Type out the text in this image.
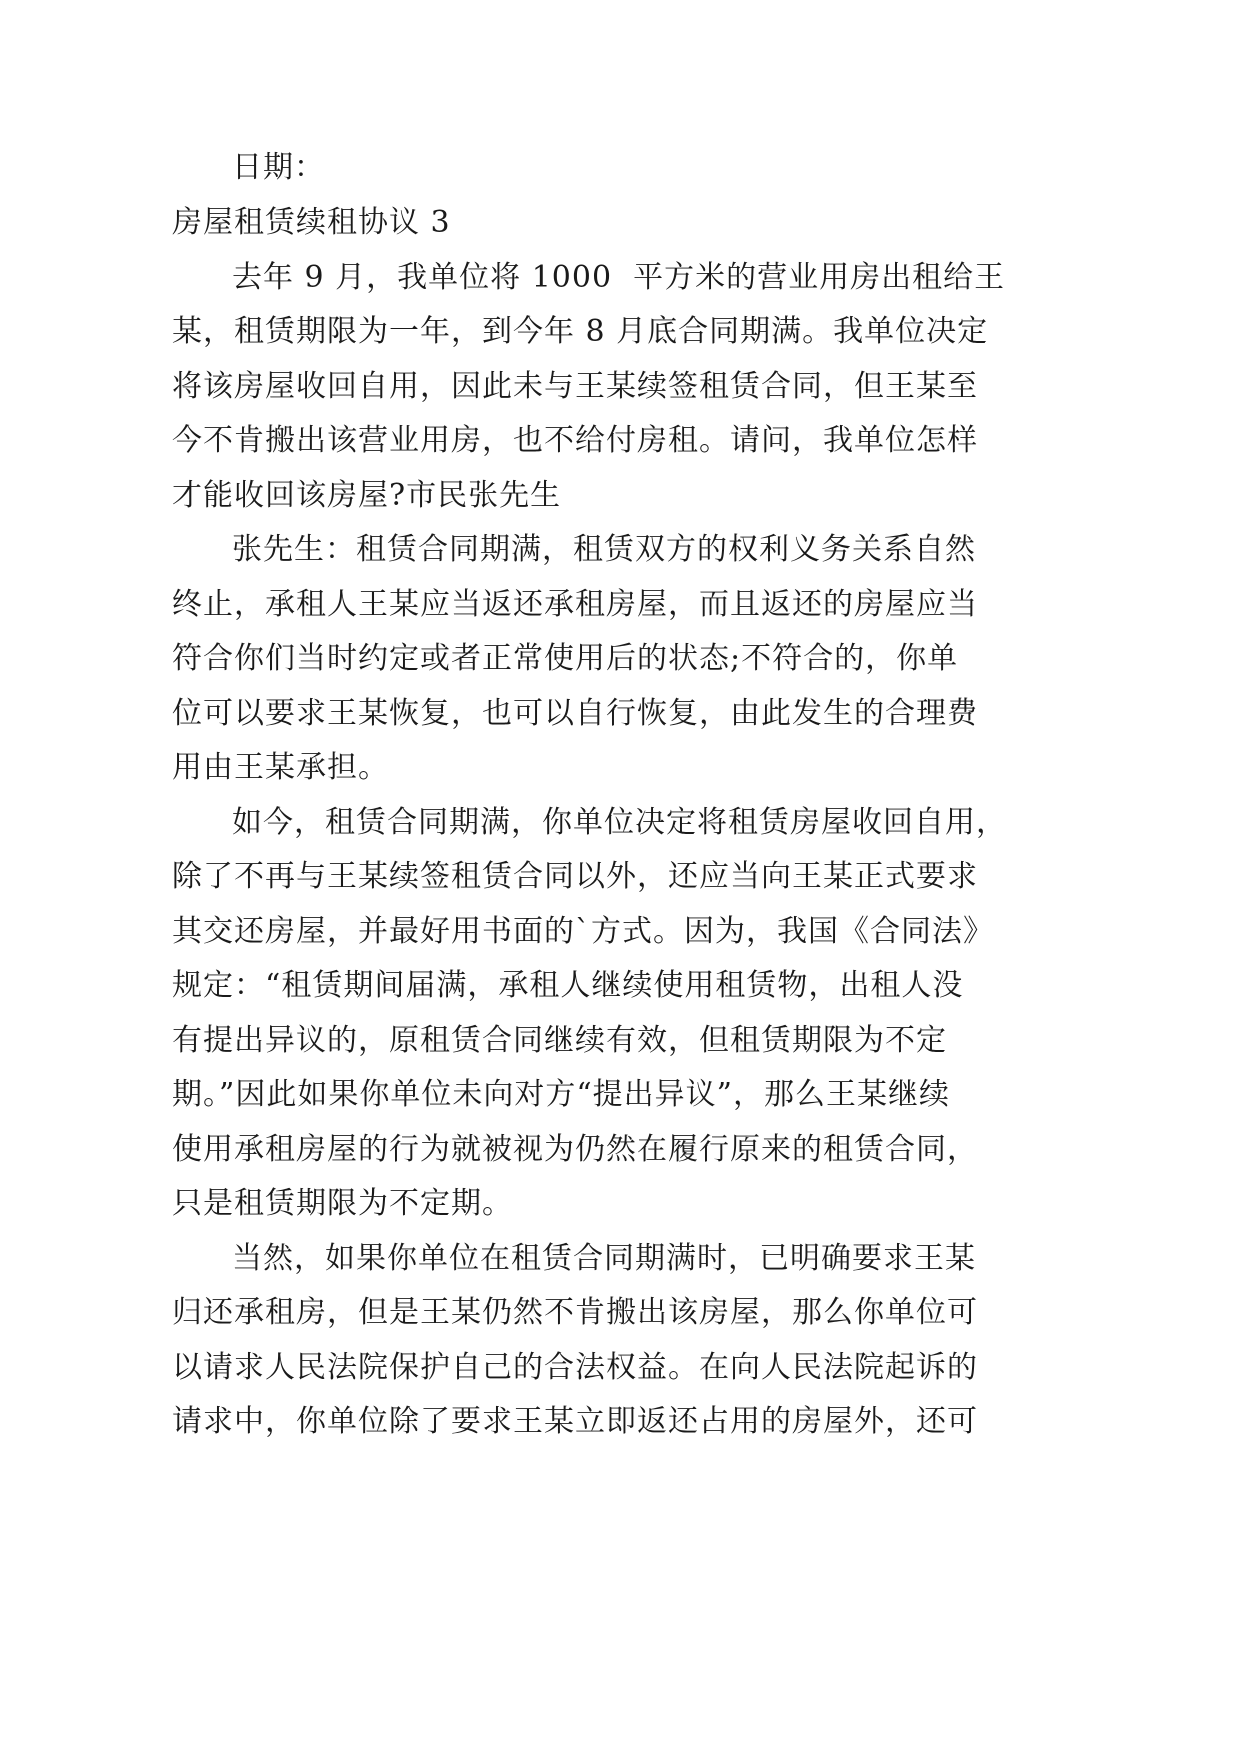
日期：
房屋租赁续租协议 3
去年 9 月，我单位将 1000  平方米的营业用房出租给王
某，租赁期限为一年，到今年 8 月底合同期满。我单位决定
将该房屋收回自用，因此未与王某续签租赁合同，但王某至
今不肯搬出该营业用房，也不给付房租。请问，我单位怎样
才能收回该房屋?市民张先生
张先生：租赁合同期满，租赁双方的权利义务关系自然
终止，承租人王某应当返还承租房屋，而且返还的房屋应当
符合你们当时约定或者正常使用后的状态;不符合的，你单
位可以要求王某恢复，也可以自行恢复，由此发生的合理费
用由王某承担。
如今，租赁合同期满，你单位决定将租赁房屋收回自用，
除了不再与王某续签租赁合同以外，还应当向王某正式要求
其交还房屋，并最好用书面的`方式。因为，我国《合同法》
规定：“租赁期间届满，承租人继续使用租赁物，出租人没
有提出异议的，原租赁合同继续有效，但租赁期限为不定
期。”因此如果你单位未向对方“提出异议”，那么王某继续
使用承租房屋的行为就被视为仍然在履行原来的租赁合同，
只是租赁期限为不定期。
当然，如果你单位在租赁合同期满时，已明确要求王某
归还承租房，但是王某仍然不肯搬出该房屋，那么你单位可
以请求人民法院保护自己的合法权益。在向人民法院起诉的
请求中，你单位除了要求王某立即返还占用的房屋外，还可
